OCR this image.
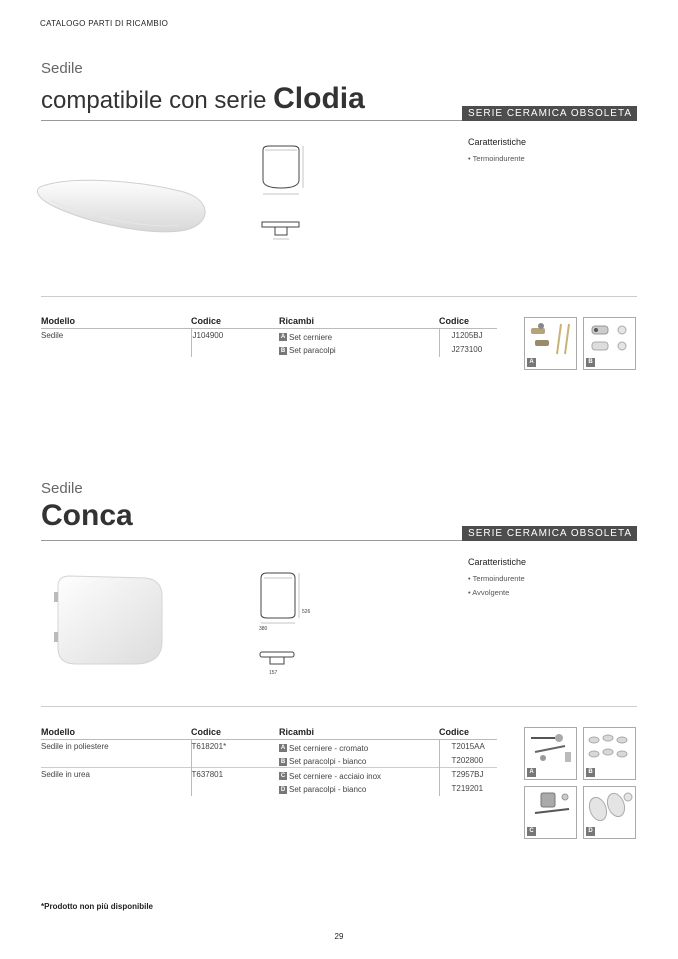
CATALOGO PARTI DI RICAMBIO
Sedile
compatibile con serie Clodia	SERIE CERAMICA OBSOLETA
Caratteristiche
• Termoindurente
Modello	Codice	Ricambi	Codice
Sedile	J104900	A Set cerniere	J1205BJ

		B Set paracolpi	J273100
A	B
Sedile
Conca
SERIE CERAMICA OBSOLETA
526
380
157
Caratteristiche
• Termoindurente
• Avvolgente
Modello	Codice	Ricambi	Codice
Sedile in poliestere	T618201*	A Set cerniere - cromato	T2015AA

		B Set paracolpi - bianco	T202800
Sedile in urea	T637801	C Set cerniere - acciaio inox	T2957BJ

		D Set paracolpi - bianco	T219201
A	B
C	D
*Prodotto non più disponibile
29
